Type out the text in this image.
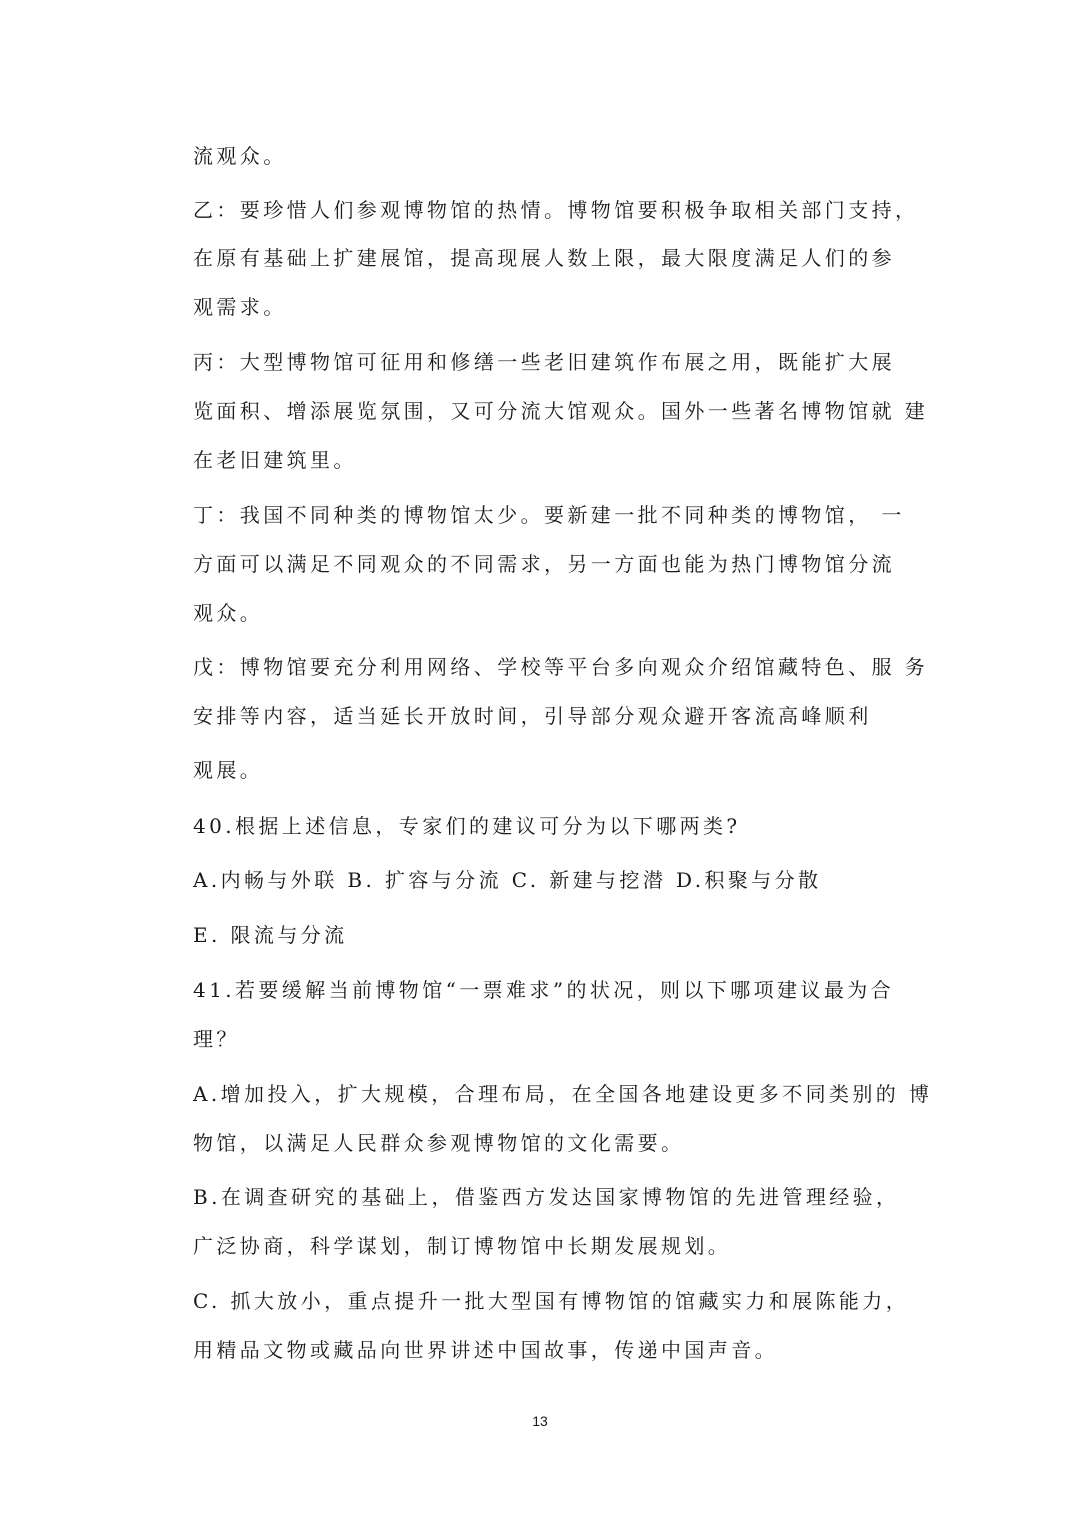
流观众。
乙：要珍惜人们参观博物馆的热情。博物馆要积极争取相关部门支持，
在原有基础上扩建展馆，提高现展人数上限，最大限度满足人们的参
观需求。
丙：大型博物馆可征用和修缮一些老旧建筑作布展之用，既能扩大展
览面积、增添展览氛围，又可分流大馆观众。国外一些著名博物馆就 建
在老旧建筑里。
丁：我国不同种类的博物馆太少。要新建一批不同种类的博物馆， 一
方面可以满足不同观众的不同需求，另一方面也能为热门博物馆分流
观众。
戊：博物馆要充分利用网络、学校等平台多向观众介绍馆藏特色、服 务
安排等内容，适当延长开放时间，引导部分观众避开客流高峰顺利
观展。
40.根据上述信息，专家们的建议可分为以下哪两类?
A.内畅与外联 B. 扩容与分流 C. 新建与挖潜 D.积聚与分散
E. 限流与分流
41.若要缓解当前博物馆“一票难求”的状况，则以下哪项建议最为合
理？
A.增加投入，扩大规模，合理布局，在全国各地建设更多不同类别的 博
物馆，以满足人民群众参观博物馆的文化需要。
B.在调查研究的基础上，借鉴西方发达国家博物馆的先进管理经验，
广泛协商，科学谋划，制订博物馆中长期发展规划。
C. 抓大放小，重点提升一批大型国有博物馆的馆藏实力和展陈能力，
用精品文物或藏品向世界讲述中国故事，传递中国声音。
13
